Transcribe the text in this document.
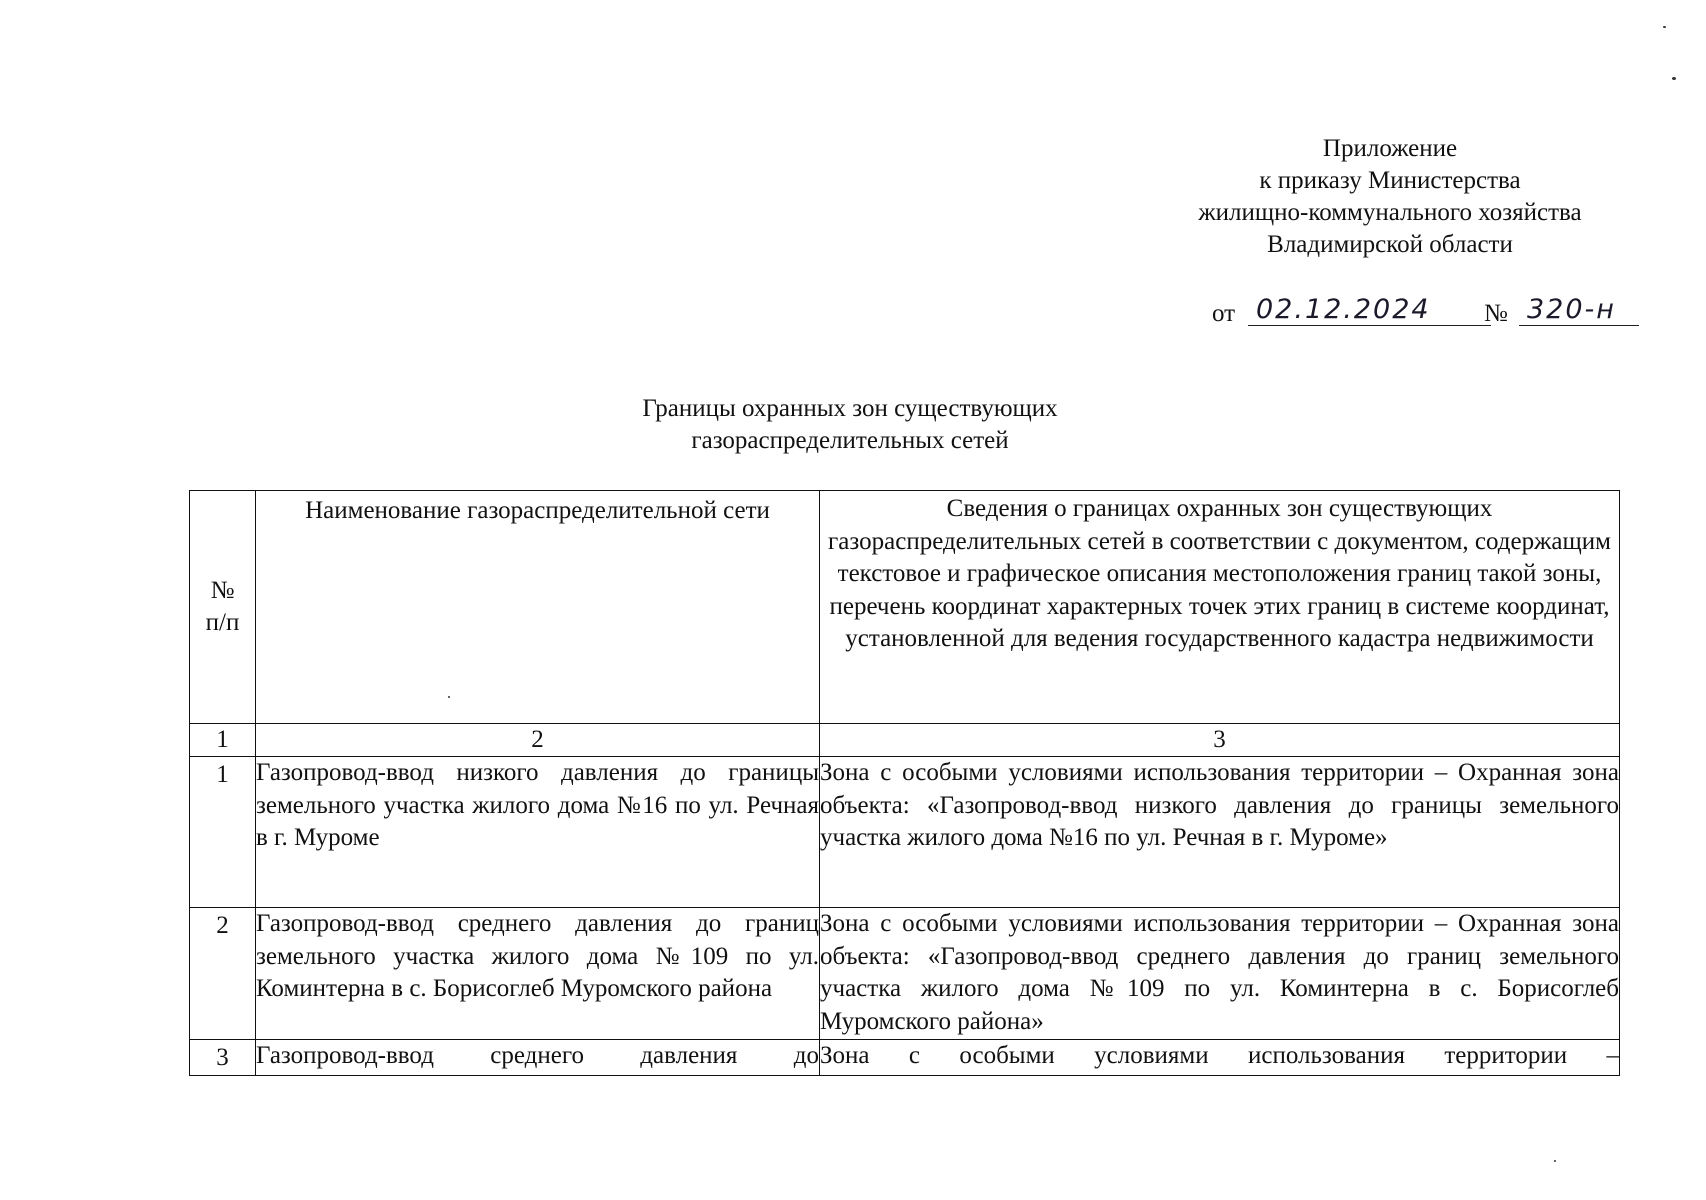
Приложение
к приказу Министерства
жилищно-коммунального хозяйства
Владимирской области
от 02.12.2024	№ 320-н
Границы охранных зон существующих
газораспределительных сетей
№
п/п	Наименование газораспределительной сети	Сведения о границах охранных зон существующих газораспределительных сетей в соответствии с документом, содержащим текстовое и графическое описания местоположения границ такой зоны, перечень координат характерных точек этих границ в системе координат, установленной для ведения государственного кадастра недвижимости
1	2	3
1	Газопровод-ввод низкого давления до границы земельного участка жилого дома №16 по ул. Речная в г. Муроме	Зона с особыми условиями использования территории – Охранная зона объекта: «Газопровод-ввод низкого давления до границы земельного участка жилого дома №16 по ул. Речная в г. Муроме»
2	Газопровод-ввод среднего давления до границ земельного участка жилого дома №109 по ул. Коминтерна в с. Борисоглеб Муромского района	Зона с особыми условиями использования территории – Охранная зона объекта: «Газопровод-ввод среднего давления до границ земельного участка жилого дома №109 по ул. Коминтерна в с. Борисоглеб Муромского района»
3	Газопровод-ввод среднего давления до	Зона с особыми условиями использования территории –
